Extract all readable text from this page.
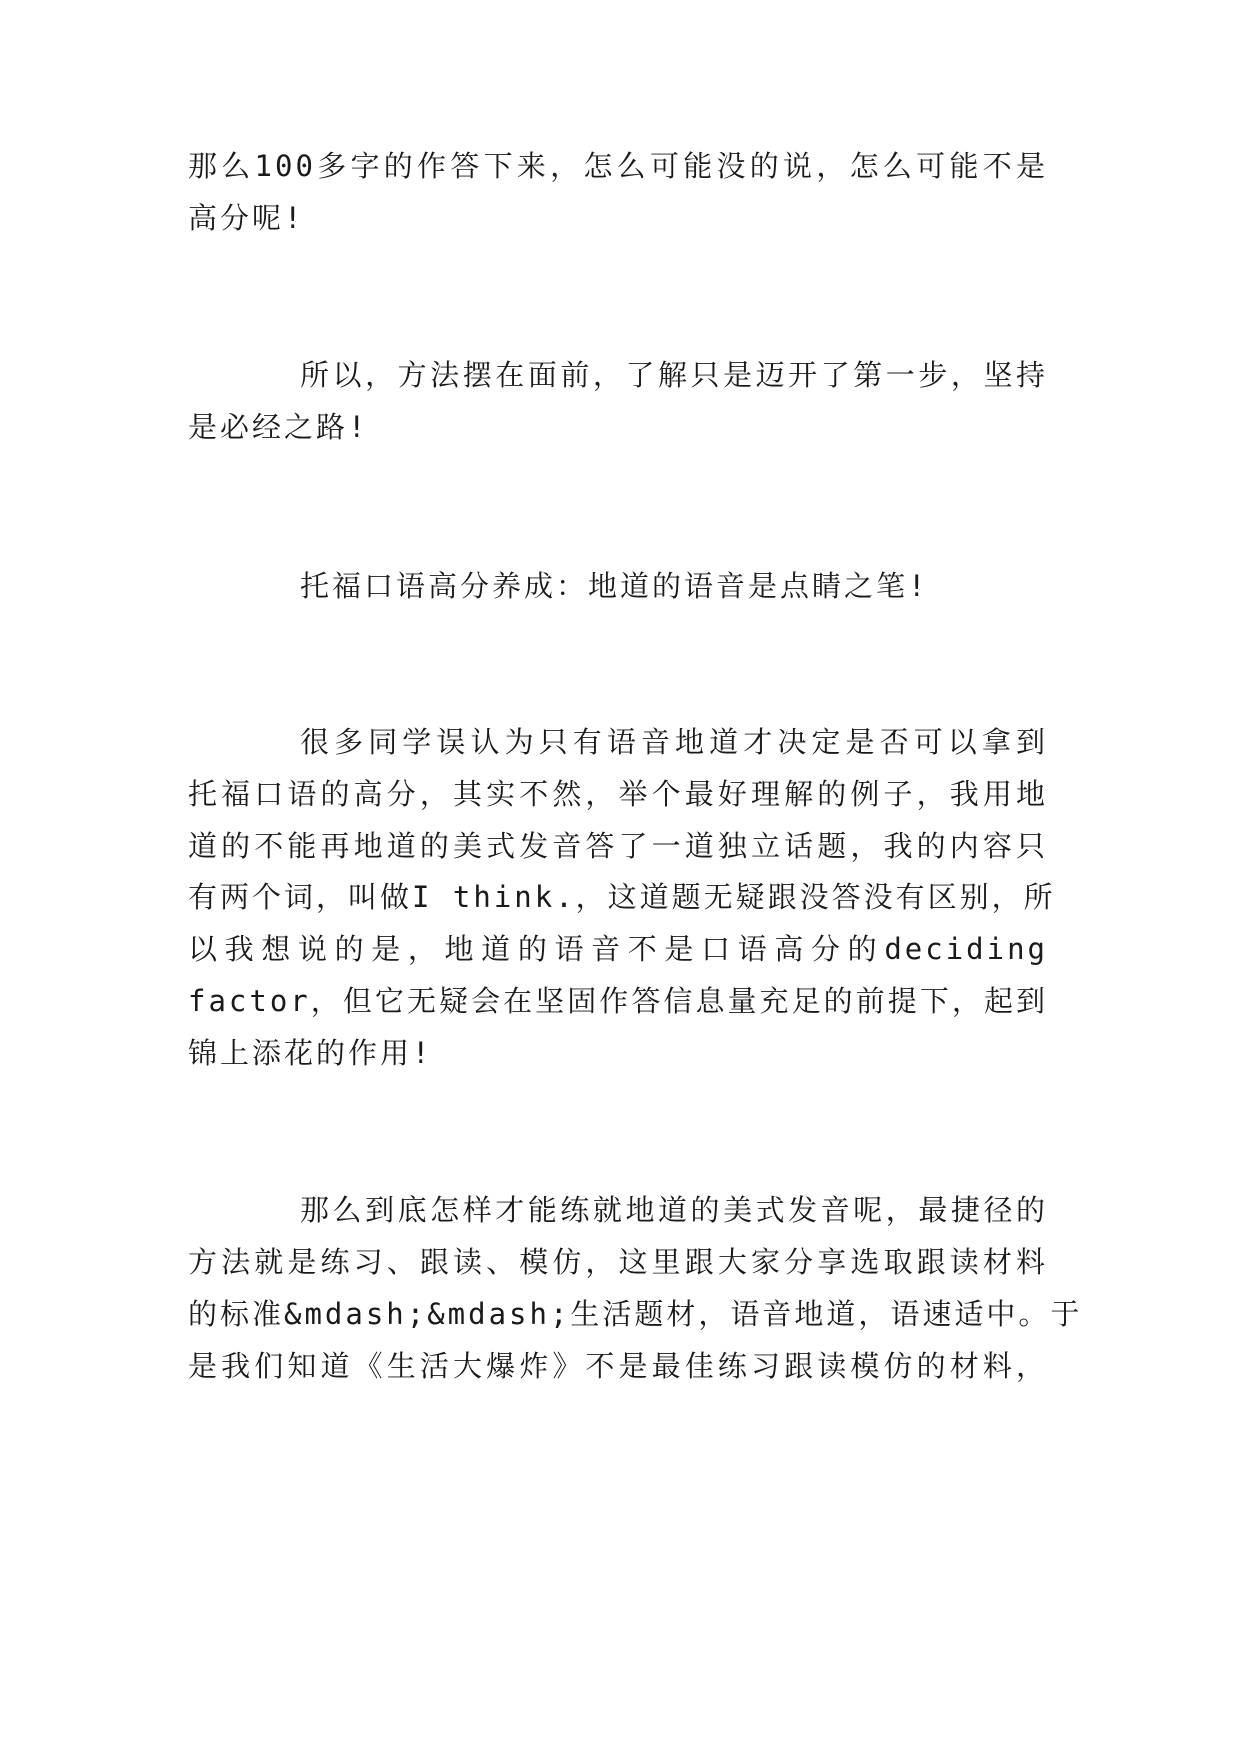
那么100多字的作答下来，怎么可能没的说，怎么可能不是
高分呢!
所以，方法摆在面前，了解只是迈开了第一步，坚持
是必经之路!
托福口语高分养成：地道的语音是点睛之笔!
很多同学误认为只有语音地道才决定是否可以拿到
托福口语的高分，其实不然，举个最好理解的例子，我用地
道的不能再地道的美式发音答了一道独立话题，我的内容只
有两个词，叫做I think.，这道题无疑跟没答没有区别，所
以我想说的是，地道的语音不是口语高分的deciding
factor，但它无疑会在坚固作答信息量充足的前提下，起到
锦上添花的作用!
那么到底怎样才能练就地道的美式发音呢，最捷径的
方法就是练习、跟读、模仿，这里跟大家分享选取跟读材料
的标准&mdash;&mdash;生活题材，语音地道，语速适中。于
是我们知道《生活大爆炸》不是最佳练习跟读模仿的材料，
